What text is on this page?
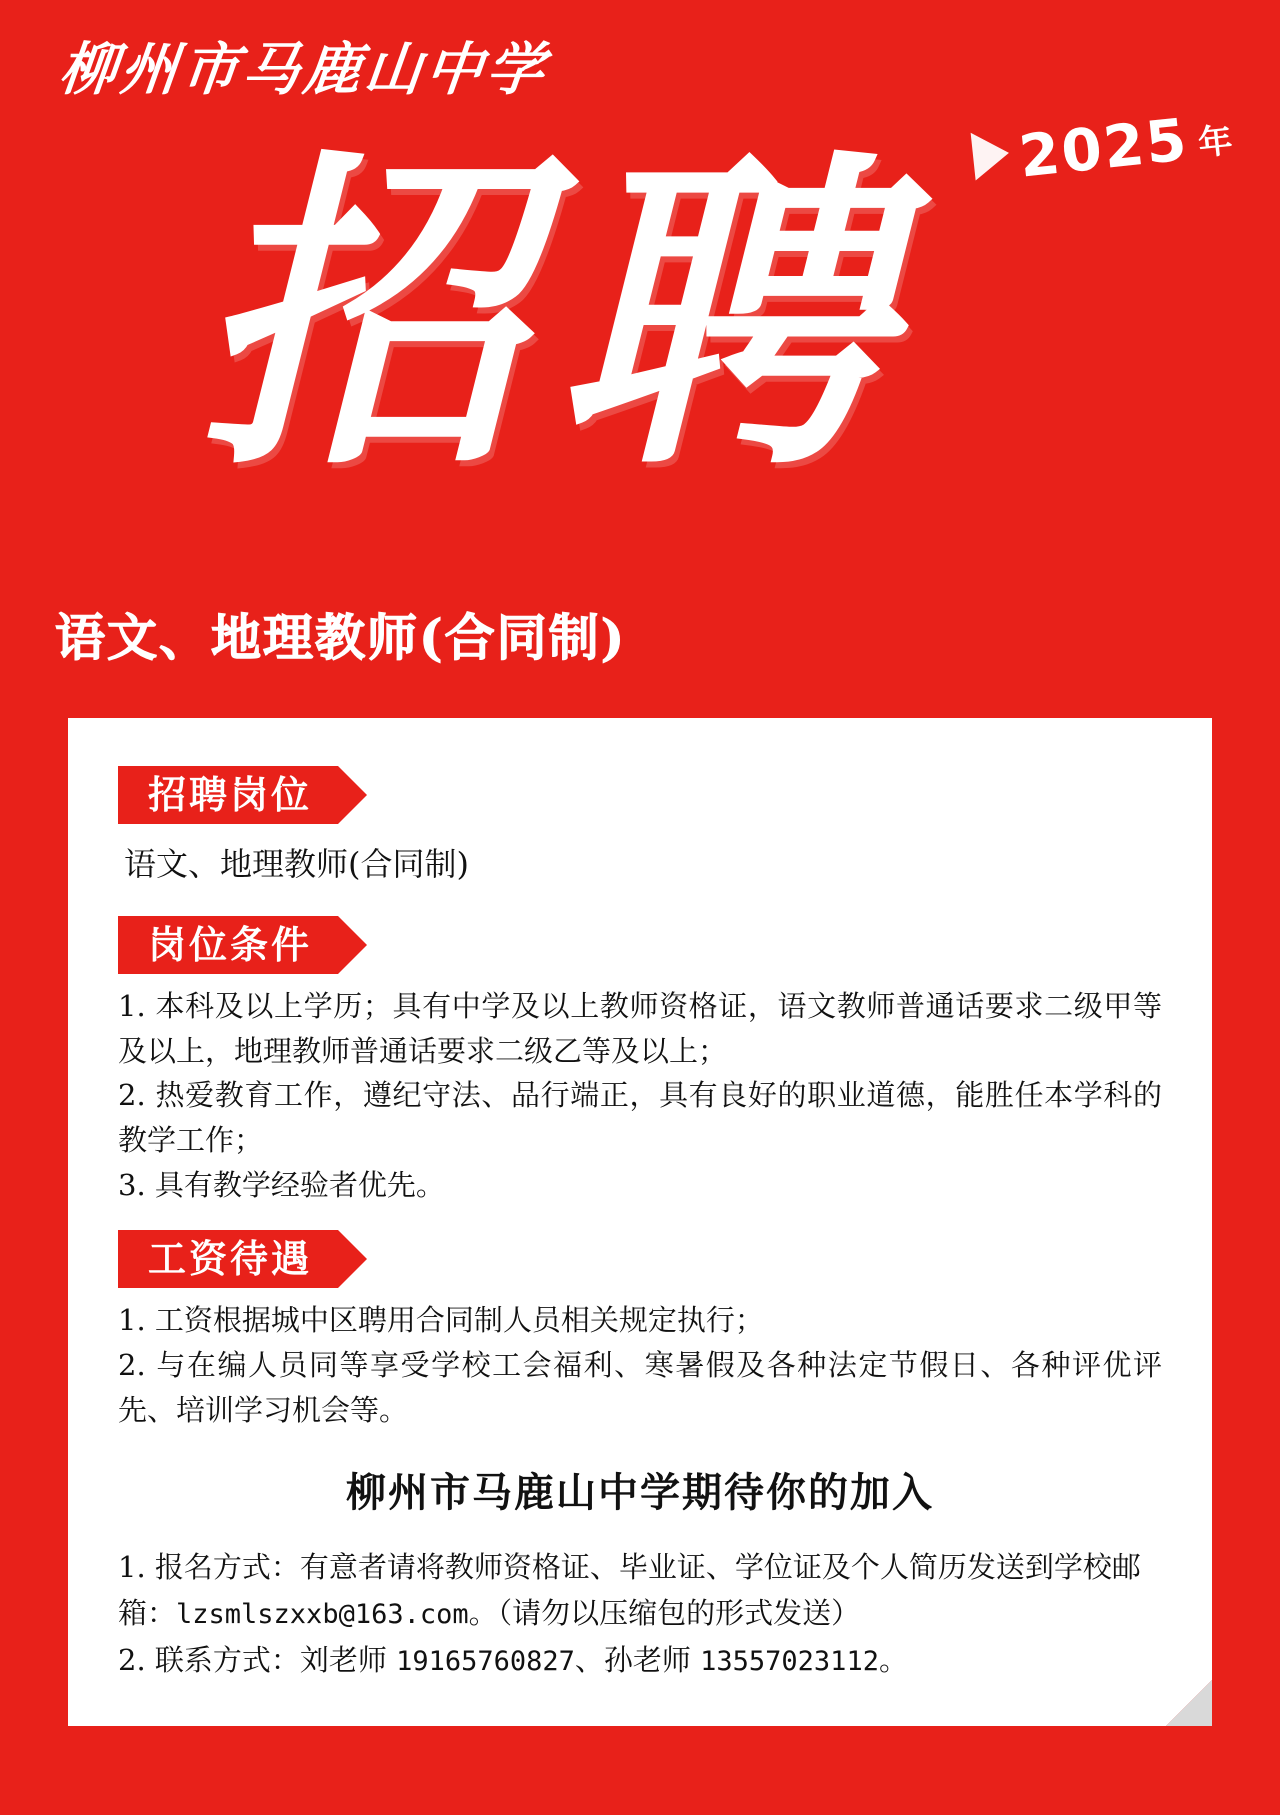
柳州市马鹿山中学
2025 年
招聘
语文、地理教师(合同制)
招聘岗位

语文、地理教师(合同制)

岗位条件

1. 本科及以上学历；具有中学及以上教师资格证，语文教师普通话要求二级甲等及以上，地理教师普通话要求二级乙等及以上；

2. 热爱教育工作，遵纪守法、品行端正，具有良好的职业道德，能胜任本学科的教学工作；

3. 具有教学经验者优先。

工资待遇

1. 工资根据城中区聘用合同制人员相关规定执行；

2. 与在编人员同等享受学校工会福利、寒暑假及各种法定节假日、各种评优评先、培训学习机会等。

柳州市马鹿山中学期待你的加入

1. 报名方式：有意者请将教师资格证、毕业证、学位证及个人简历发送到学校邮箱：lzsmlszxxb@163.com。（请勿以压缩包的形式发送）

2. 联系方式：刘老师 19165760827、孙老师 13557023112。
